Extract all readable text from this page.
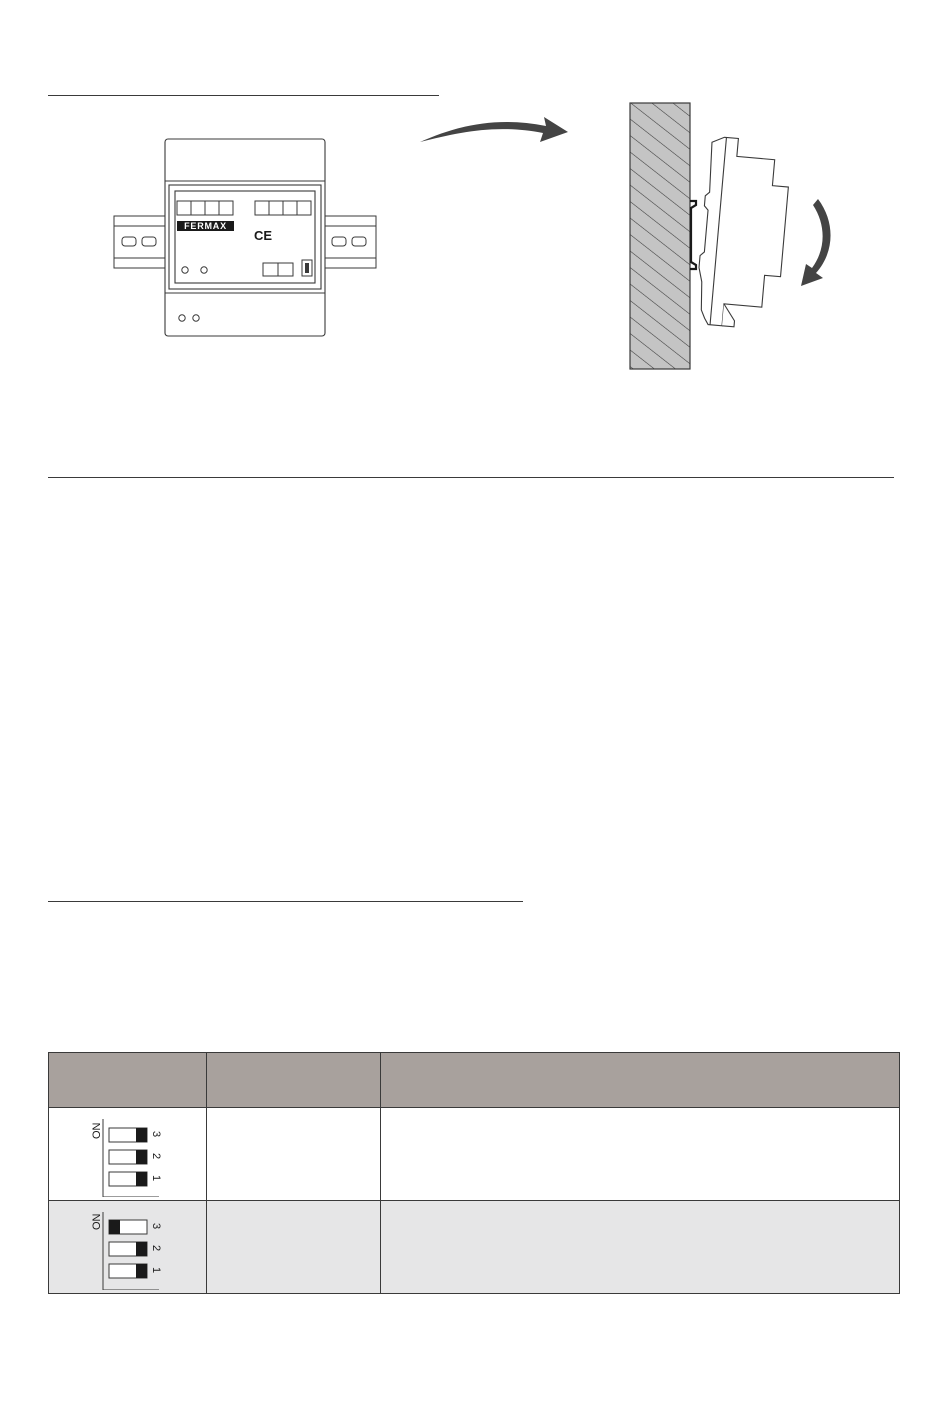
FERMAX
CE

ON 3
2
1		

ON 3
2
1		
